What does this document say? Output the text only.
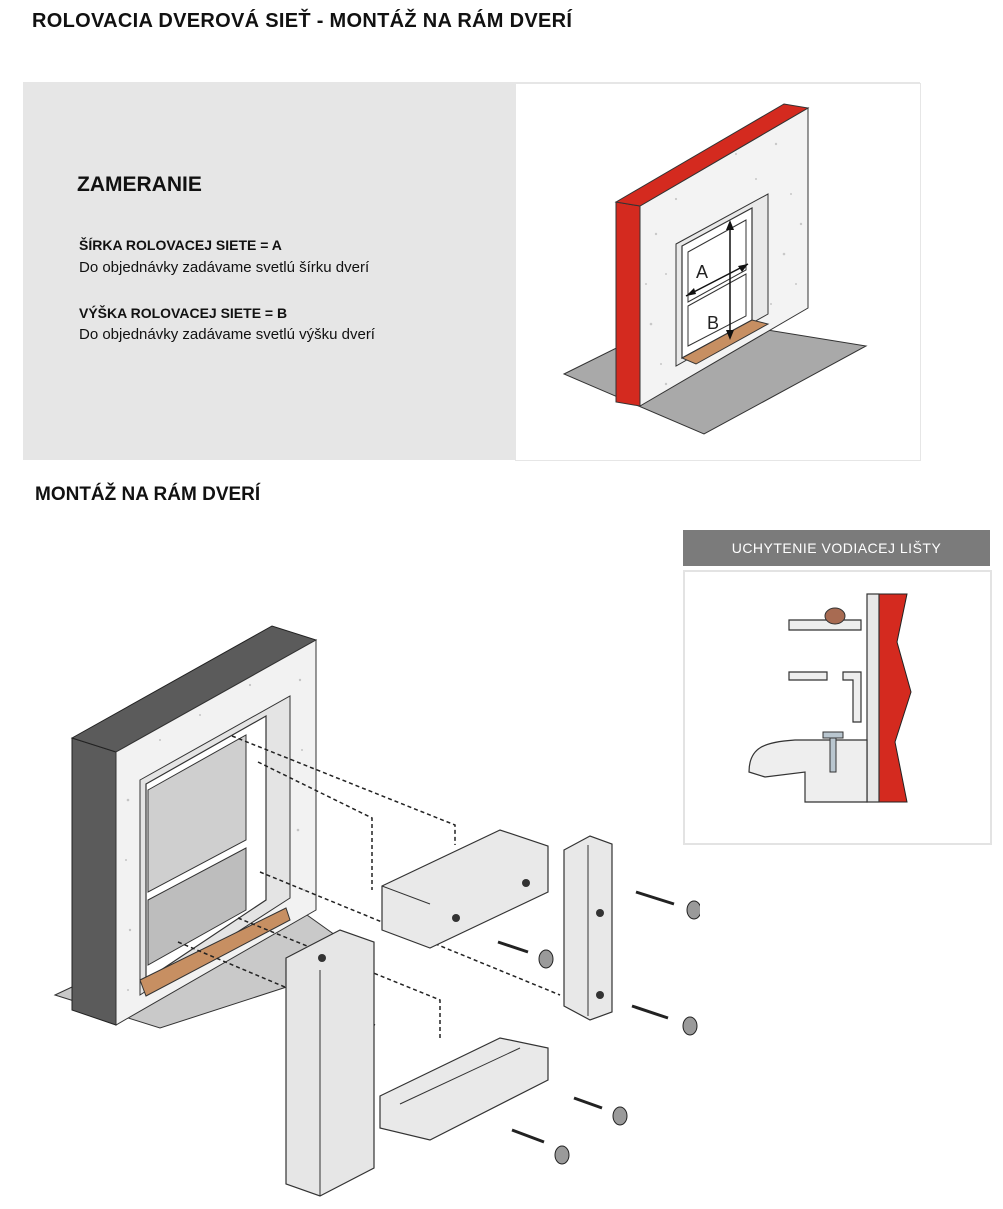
ROLOVACIA DVEROVÁ SIEŤ - MONTÁŽ NA RÁM DVERÍ
ZAMERANIE
ŠÍRKA ROLOVACEJ SIETE = A
Do objednávky zadávame svetlú šírku dverí
VÝŠKA ROLOVACEJ SIETE = B
Do objednávky zadávame svetlú výšku dverí
A
B
MONTÁŽ NA RÁM DVERÍ
UCHYTENIE VODIACEJ LIŠTY
